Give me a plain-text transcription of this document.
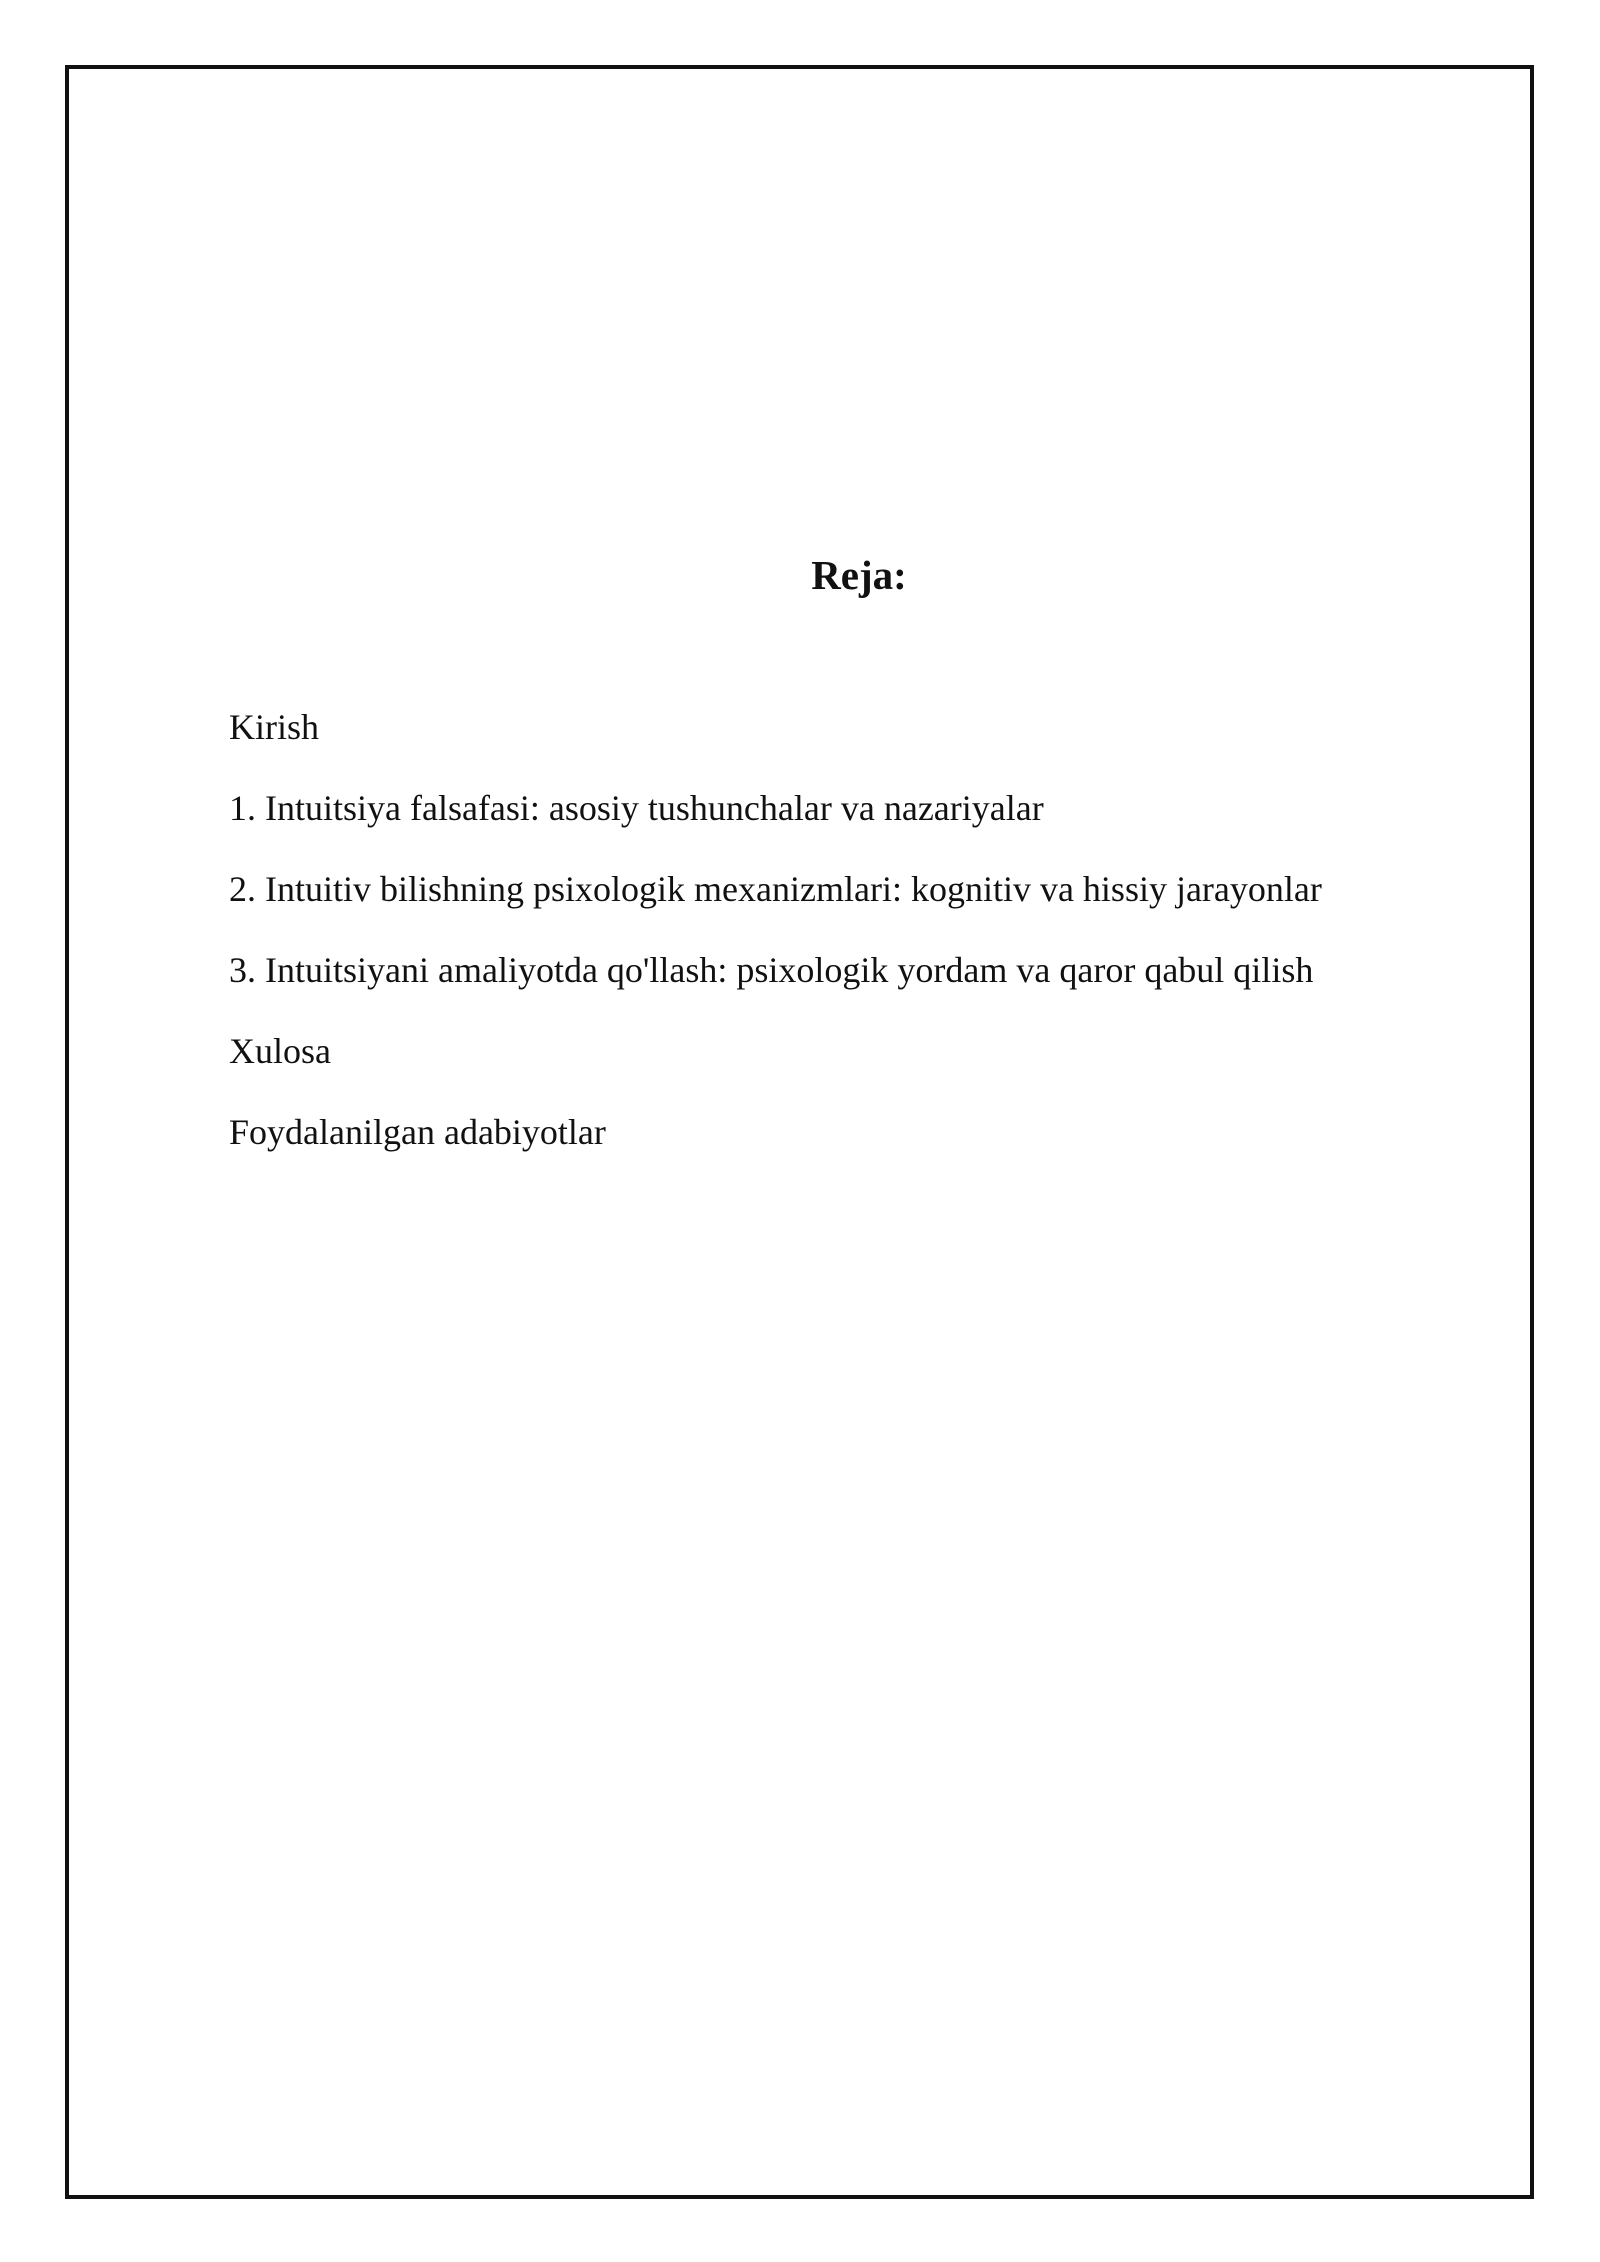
Reja:
Kirish
1. Intuitsiya falsafasi: asosiy tushunchalar va nazariyalar
2. Intuitiv bilishning psixologik mexanizmlari: kognitiv va hissiy jarayonlar
3. Intuitsiyani amaliyotda qo'llash: psixologik yordam va qaror qabul qilish
Xulosa
Foydalanilgan adabiyotlar
